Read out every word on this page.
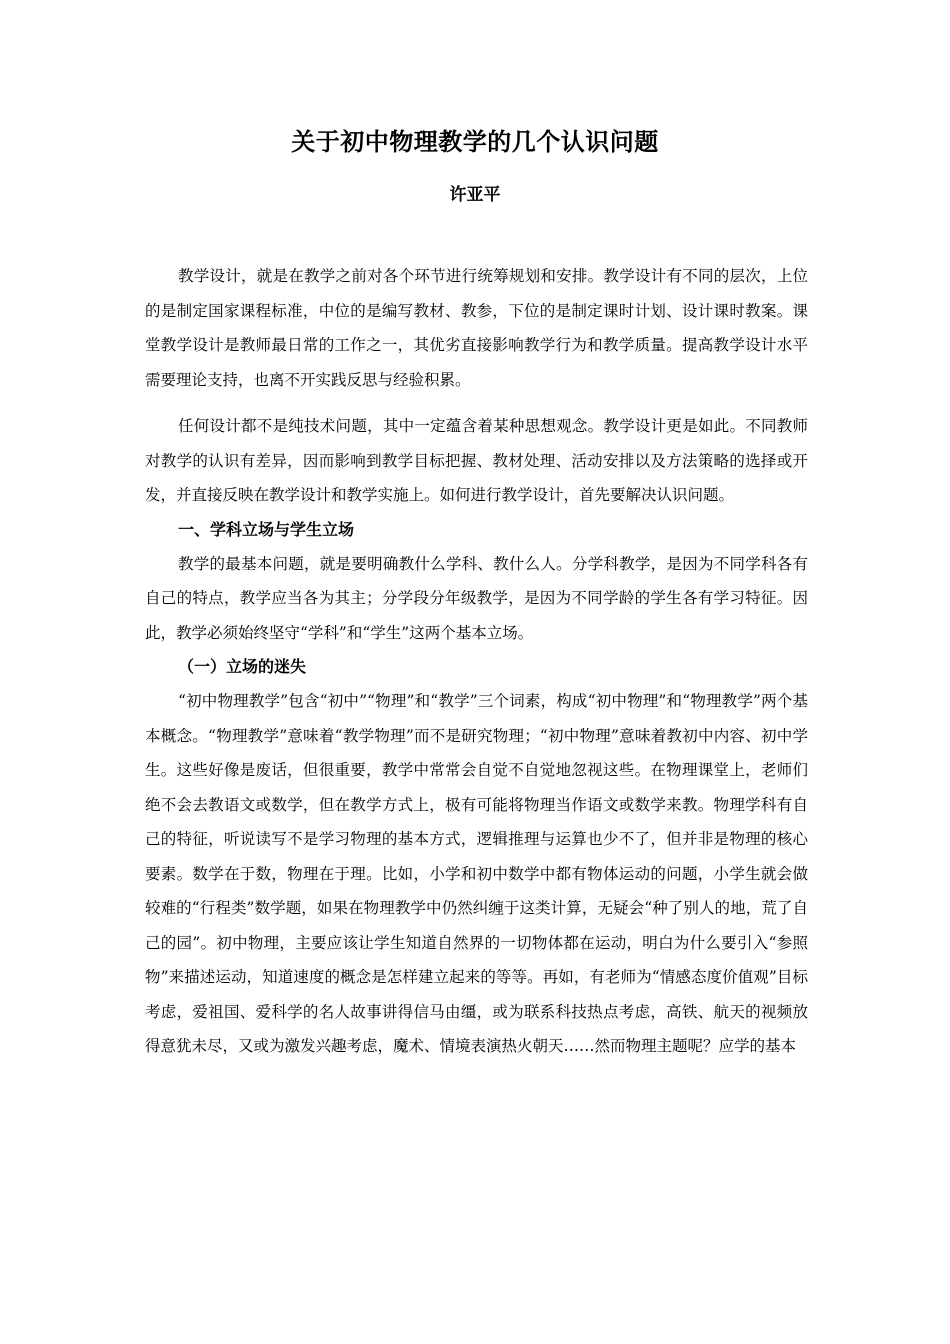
关于初中物理教学的几个认识问题
许亚平

教学设计，就是在教学之前对各个环节进行统筹规划和安排。教学设计有不同的层次，上位的是制定国家课程标准，中位的是编写教材、教参，下位的是制定课时计划、设计课时教案。课堂教学设计是教师最日常的工作之一，其优劣直接影响教学行为和教学质量。提高教学设计水平需要理论支持，也离不开实践反思与经验积累。

任何设计都不是纯技术问题，其中一定蕴含着某种思想观念。教学设计更是如此。不同教师对教学的认识有差异，因而影响到教学目标把握、教材处理、活动安排以及方法策略的选择或开发，并直接反映在教学设计和教学实施上。如何进行教学设计，首先要解决认识问题。

一、学科立场与学生立场

教学的最基本问题，就是要明确教什么学科、教什么人。分学科教学，是因为不同学科各有自己的特点，教学应当各为其主；分学段分年级教学，是因为不同学龄的学生各有学习特征。因此，教学必须始终坚守“学科”和“学生”这两个基本立场。

（一）立场的迷失

“初中物理教学”包含“初中”“物理”和“教学”三个词素，构成“初中物理”和“物理教学”两个基本概念。“物理教学”意味着“教学物理”而不是研究物理；“初中物理”意味着教初中内容、初中学生。这些好像是废话，但很重要，教学中常常会自觉不自觉地忽视这些。在物理课堂上，老师们绝不会去教语文或数学，但在教学方式上，极有可能将物理当作语文或数学来教。物理学科有自己的特征，听说读写不是学习物理的基本方式，逻辑推理与运算也少不了，但并非是物理的核心要素。数学在于数，物理在于理。比如，小学和初中数学中都有物体运动的问题，小学生就会做较难的“行程类”数学题，如果在物理教学中仍然纠缠于这类计算，无疑会“种了别人的地，荒了自己的园”。初中物理，主要应该让学生知道自然界的一切物体都在运动，明白为什么要引入“参照物”来描述运动，知道速度的概念是怎样建立起来的等等。再如，有老师为“情感态度价值观”目标考虑，爱祖国、爱科学的名人故事讲得信马由缰，或为联系科技热点考虑，高铁、航天的视频放得意犹未尽，又或为激发兴趣考虑，魔术、情境表演热火朝天……然而物理主题呢？应学的基本
